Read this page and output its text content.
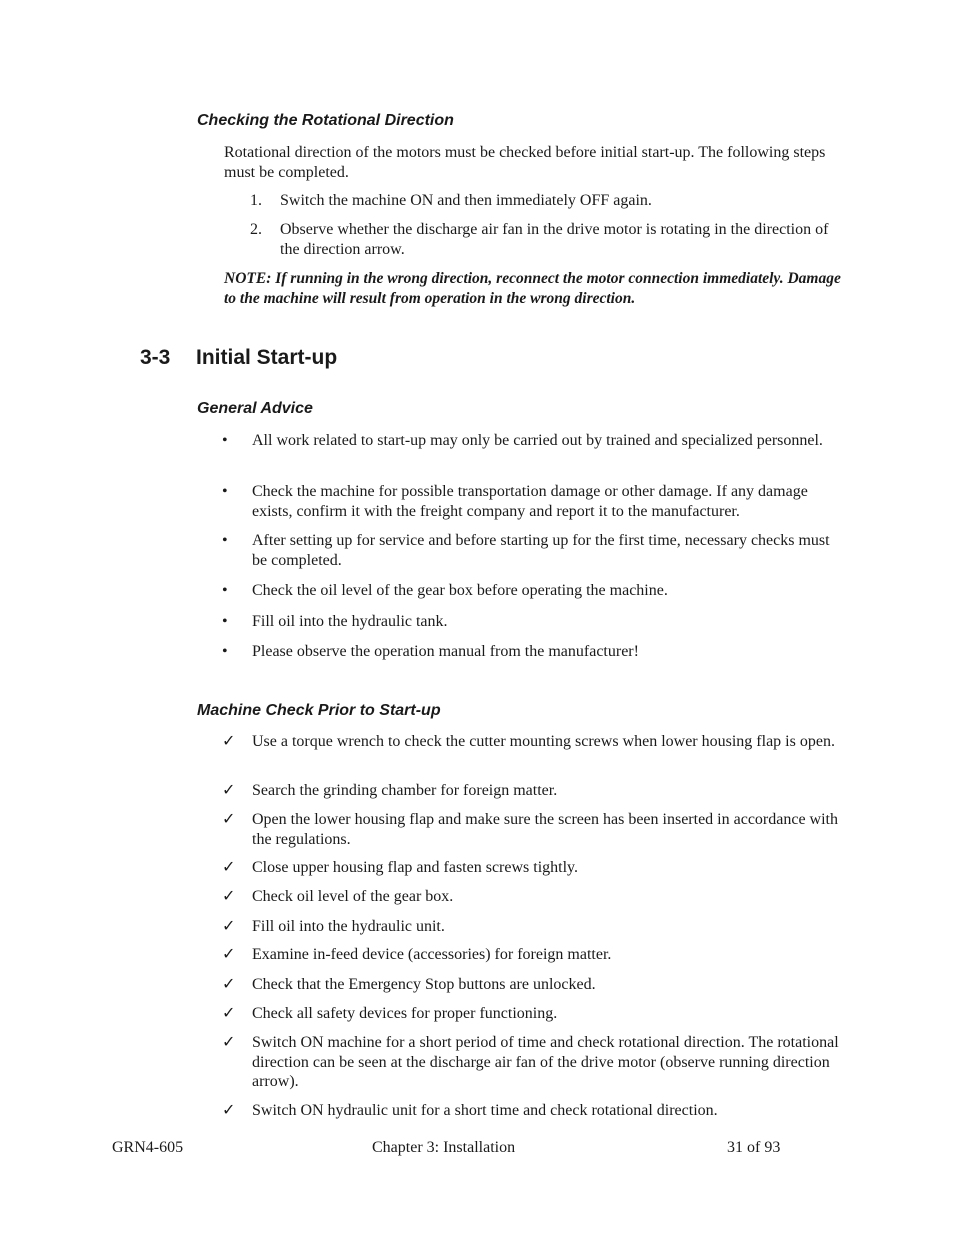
Checking the Rotational Direction

Rotational direction of the motors must be checked before initial start-up. The following steps must be completed.

1.	Switch the machine ON and then immediately OFF again.
2.	Observe whether the discharge air fan in the drive motor is rotating in the direction of the direction arrow.

NOTE: If running in the wrong direction, reconnect the motor connection immediately. Damage to the machine will result from operation in the wrong direction.

3-3 Initial Start-up
General Advice
•	All work related to start-up may only be carried out by trained and specialized personnel.
•	Check the machine for possible transportation damage or other damage. If any damage exists, confirm it with the freight company and report it to the manufacturer.
•	After setting up for service and before starting up for the first time, necessary checks must be completed.
•	Check the oil level of the gear box before operating the machine.
•	Fill oil into the hydraulic tank.
•	Please observe the operation manual from the manufacturer!
Machine Check Prior to Start-up
✓	Use a torque wrench to check the cutter mounting screws when lower housing flap is open.
✓	Search the grinding chamber for foreign matter.
✓	Open the lower housing flap and make sure the screen has been inserted in accordance with the regulations.
✓	Close upper housing flap and fasten screws tightly.
✓	Check oil level of the gear box.
✓	Fill oil into the hydraulic unit.
✓	Examine in-feed device (accessories) for foreign matter.
✓	Check that the Emergency Stop buttons are unlocked.
✓	Check all safety devices for proper functioning.
✓	Switch ON machine for a short period of time and check rotational direction. The rotational direction can be seen at the discharge air fan of the drive motor (observe running direction arrow).
✓	Switch ON hydraulic unit for a short time and check rotational direction.

GRN4-605	Chapter 3: Installation	31 of 93
